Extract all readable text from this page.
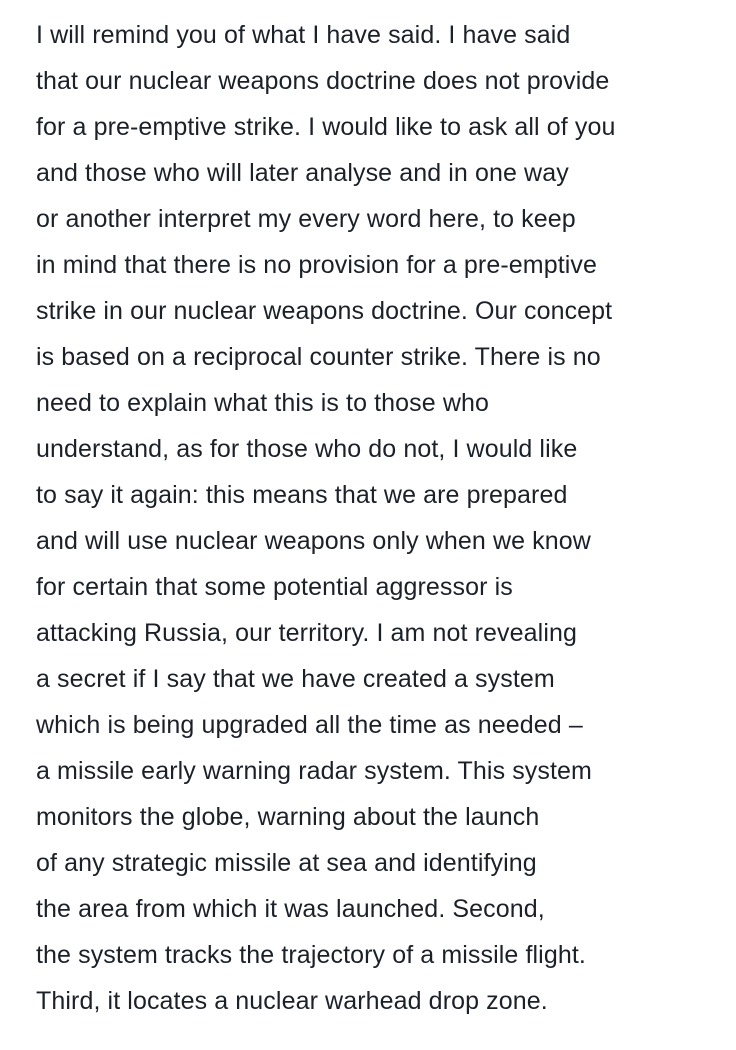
I will remind you of what I have said. I have said
that our nuclear weapons doctrine does not provide
for a pre-emptive strike. I would like to ask all of you
and those who will later analyse and in one way
or another interpret my every word here, to keep
in mind that there is no provision for a pre-emptive
strike in our nuclear weapons doctrine. Our concept
is based on a reciprocal counter strike. There is no
need to explain what this is to those who
understand, as for those who do not, I would like
to say it again: this means that we are prepared
and will use nuclear weapons only when we know
for certain that some potential aggressor is
attacking Russia, our territory. I am not revealing
a secret if I say that we have created a system
which is being upgraded all the time as needed –
a missile early warning radar system. This system
monitors the globe, warning about the launch
of any strategic missile at sea and identifying
the area from which it was launched. Second,
the system tracks the trajectory of a missile flight.
Third, it locates a nuclear warhead drop zone.
